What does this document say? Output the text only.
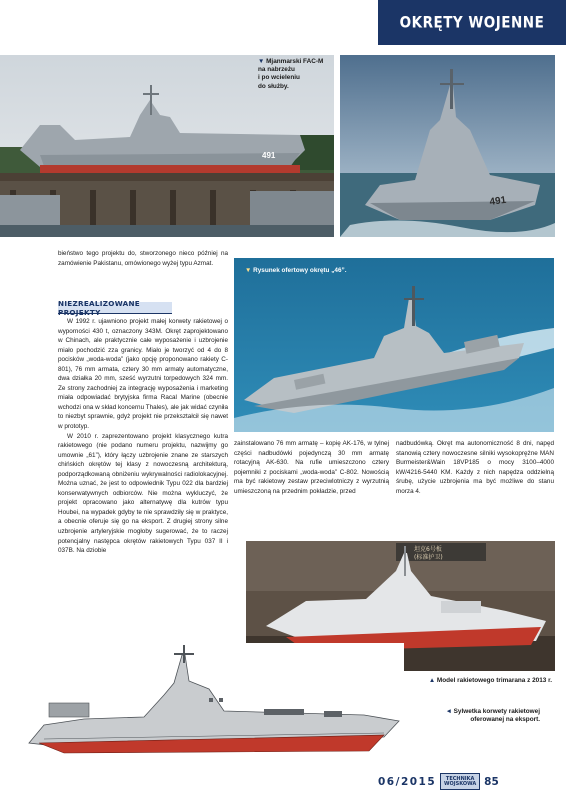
OKRĘTY WOJENNE
491
▼ Mjanmarski FAC-M
na nabrzeżu
i po wcieleniu
do służby.
491

bieństwo tego projektu do, stworzonego nieco później na zamówienie Pakistanu, omówionego wyżej typu Azmat.

NIEZREALIZOWANE PROJEKTY

W 1992 r. ujawniono projekt małej korwety rakietowej o wyporności 430 t, oznaczony 343M. Okręt zaprojektowano w Chinach, ale praktycznie całe wyposażenie i uzbrojenie miało pochodzić zza granicy. Miało je tworzyć od 4 do 8 pocisków „woda-woda” (jako opcję proponowano rakiety C-801), 76 mm armata, cztery 30 mm armaty automatyczne, dwa działka 20 mm, sześć wyrzutni torpedowych 324 mm. Ze strony zachodniej za integrację wyposażenia i marketing miała odpowiadać brytyjska firma Racal Marine (obecnie wchodzi ona w skład koncernu Thales), ale jak widać czyniła to niezbyt sprawnie, gdyż projekt nie przekształcił się nawet w prototyp.

W 2010 r. zaprezentowano projekt klasycznego kutra rakietowego (nie podano numeru projektu, nazwijmy go umownie „61”), który łączy uzbrojenie znane ze starszych chińskich okrętów tej klasy z nowoczesną architekturą, podporządkowaną obniżeniu wykrywalności radiolokacyjnej. Można uznać, że jest to odpowiednik Typu 022 dla bardziej konserwatywnych odbiorców. Nie można wykluczyć, że projekt opracowano jako alternatywę dla kutrów typu Houbei, na wypadek gdyby te nie sprawdziły się w praktyce, a obecnie oferuje się go na eksport. Z drugiej strony silne uzbrojenie artyleryjskie mogłoby sugerować, że to raczej potencjalny następca okrętów rakietowych Typu 037 II i 037B. Na dziobie

▼ Rysunek ofertowy okrętu „46”.

zainstalowano 76 mm armatę – kopię AK-176, w tylnej części nadbudówki pojedynczą 30 mm armatę rotacyjną AK-630. Na rufie umieszczono cztery pojemniki z pociskami „woda-woda” C-802. Nowością ma być rakietowy zestaw przeciwlotniczy z wyrzutnią umieszczoną na przednim pokładzie, przed

nadbudówką. Okręt ma autonomiczność 8 dni, napęd stanowią cztery nowoczesne silniki wysokoprężne MAN Burmeister&Wain 18VP185 o mocy 3100–4000 kW/4216-5440 KM. Każdy z nich napędza oddzielną śrubę, użycie uzbrojenia ma być możliwe do stanu morza 4.

坦克6号板
(标准护卫)
▲ Model rakietowego trimarana z 2013 r.
◄ Sylwetka korwety rakietowej
oferowanej na eksport.
06/2015	TECHNIKA WOJSKOWA 85
